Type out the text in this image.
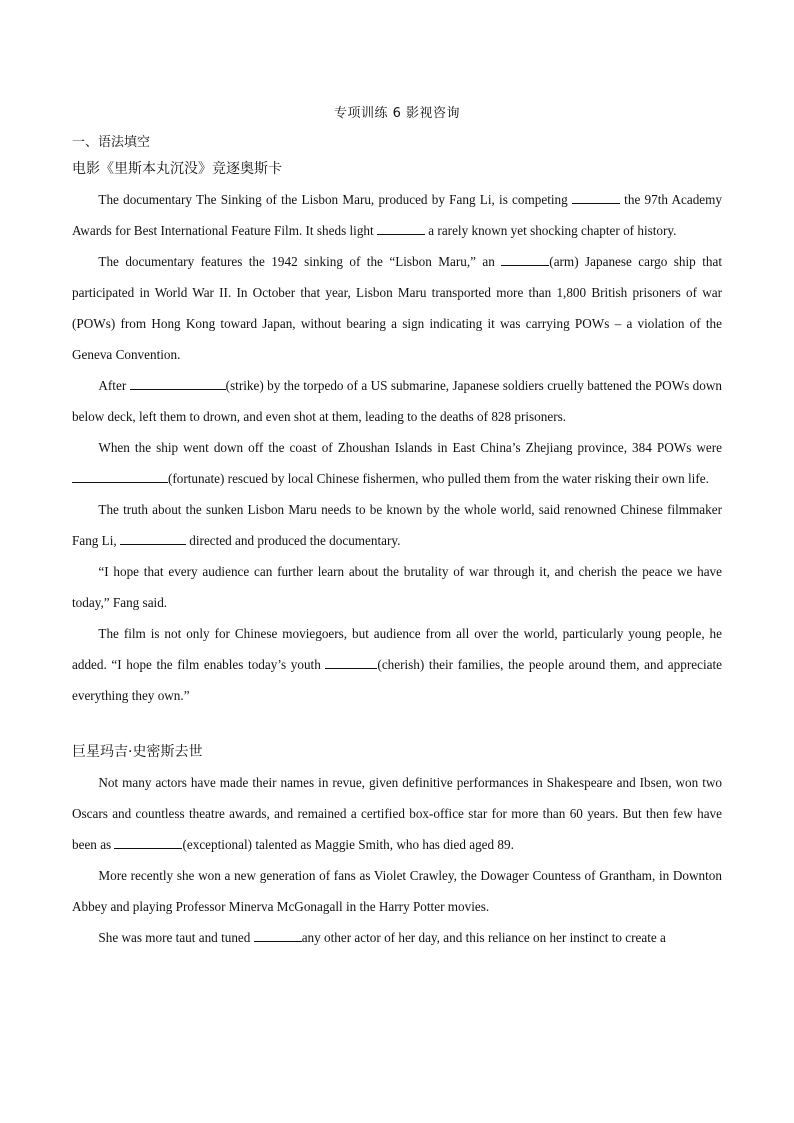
专项训练 6 影视咨询
一、语法填空
电影《里斯本丸沉没》竞逐奥斯卡

The documentary The Sinking of the Lisbon Maru, produced by Fang Li, is competing	the 97th Academy Awards for Best International Feature Film. It sheds light	a rarely known yet shocking chapter of history.

The documentary features the 1942 sinking of the “Lisbon Maru,” an	(arm) Japanese cargo ship that participated in World War II. In October that year, Lisbon Maru transported more than 1,800 British prisoners of war (POWs) from Hong Kong toward Japan, without bearing a sign indicating it was carrying POWs – a violation of the Geneva Convention.

After	(strike) by the torpedo of a US submarine, Japanese soldiers cruelly battened the POWs down below deck, left them to drown, and even shot at them, leading to the deaths of 828 prisoners.

When the ship went down off the coast of Zhoushan Islands in East China’s Zhejiang province, 384 POWs were (fortunate) rescued by local Chinese fishermen, who pulled them from the water risking their own life.

The truth about the sunken Lisbon Maru needs to be known by the whole world, said renowned Chinese filmmaker Fang Li,	directed and produced the documentary.

“I hope that every audience can further learn about the brutality of war through it, and cherish the peace we have today,” Fang said.

The film is not only for Chinese moviegoers, but audience from all over the world, particularly young people, he added. “I hope the film enables today’s youth	(cherish) their families, the people around them, and appreciate everything they own.”

巨星玛吉·史密斯去世

Not many actors have made their names in revue, given definitive performances in Shakespeare and Ibsen, won two Oscars and countless theatre awards, and remained a certified box-office star for more than 60 years. But then few have been as	(exceptional) talented as Maggie Smith, who has died aged 89.

More recently she won a new generation of fans as Violet Crawley, the Dowager Countess of Grantham, in Downton Abbey and playing Professor Minerva McGonagall in the Harry Potter movies.

She was more taut and tuned	any other actor of her day, and this reliance on her instinct to create a
